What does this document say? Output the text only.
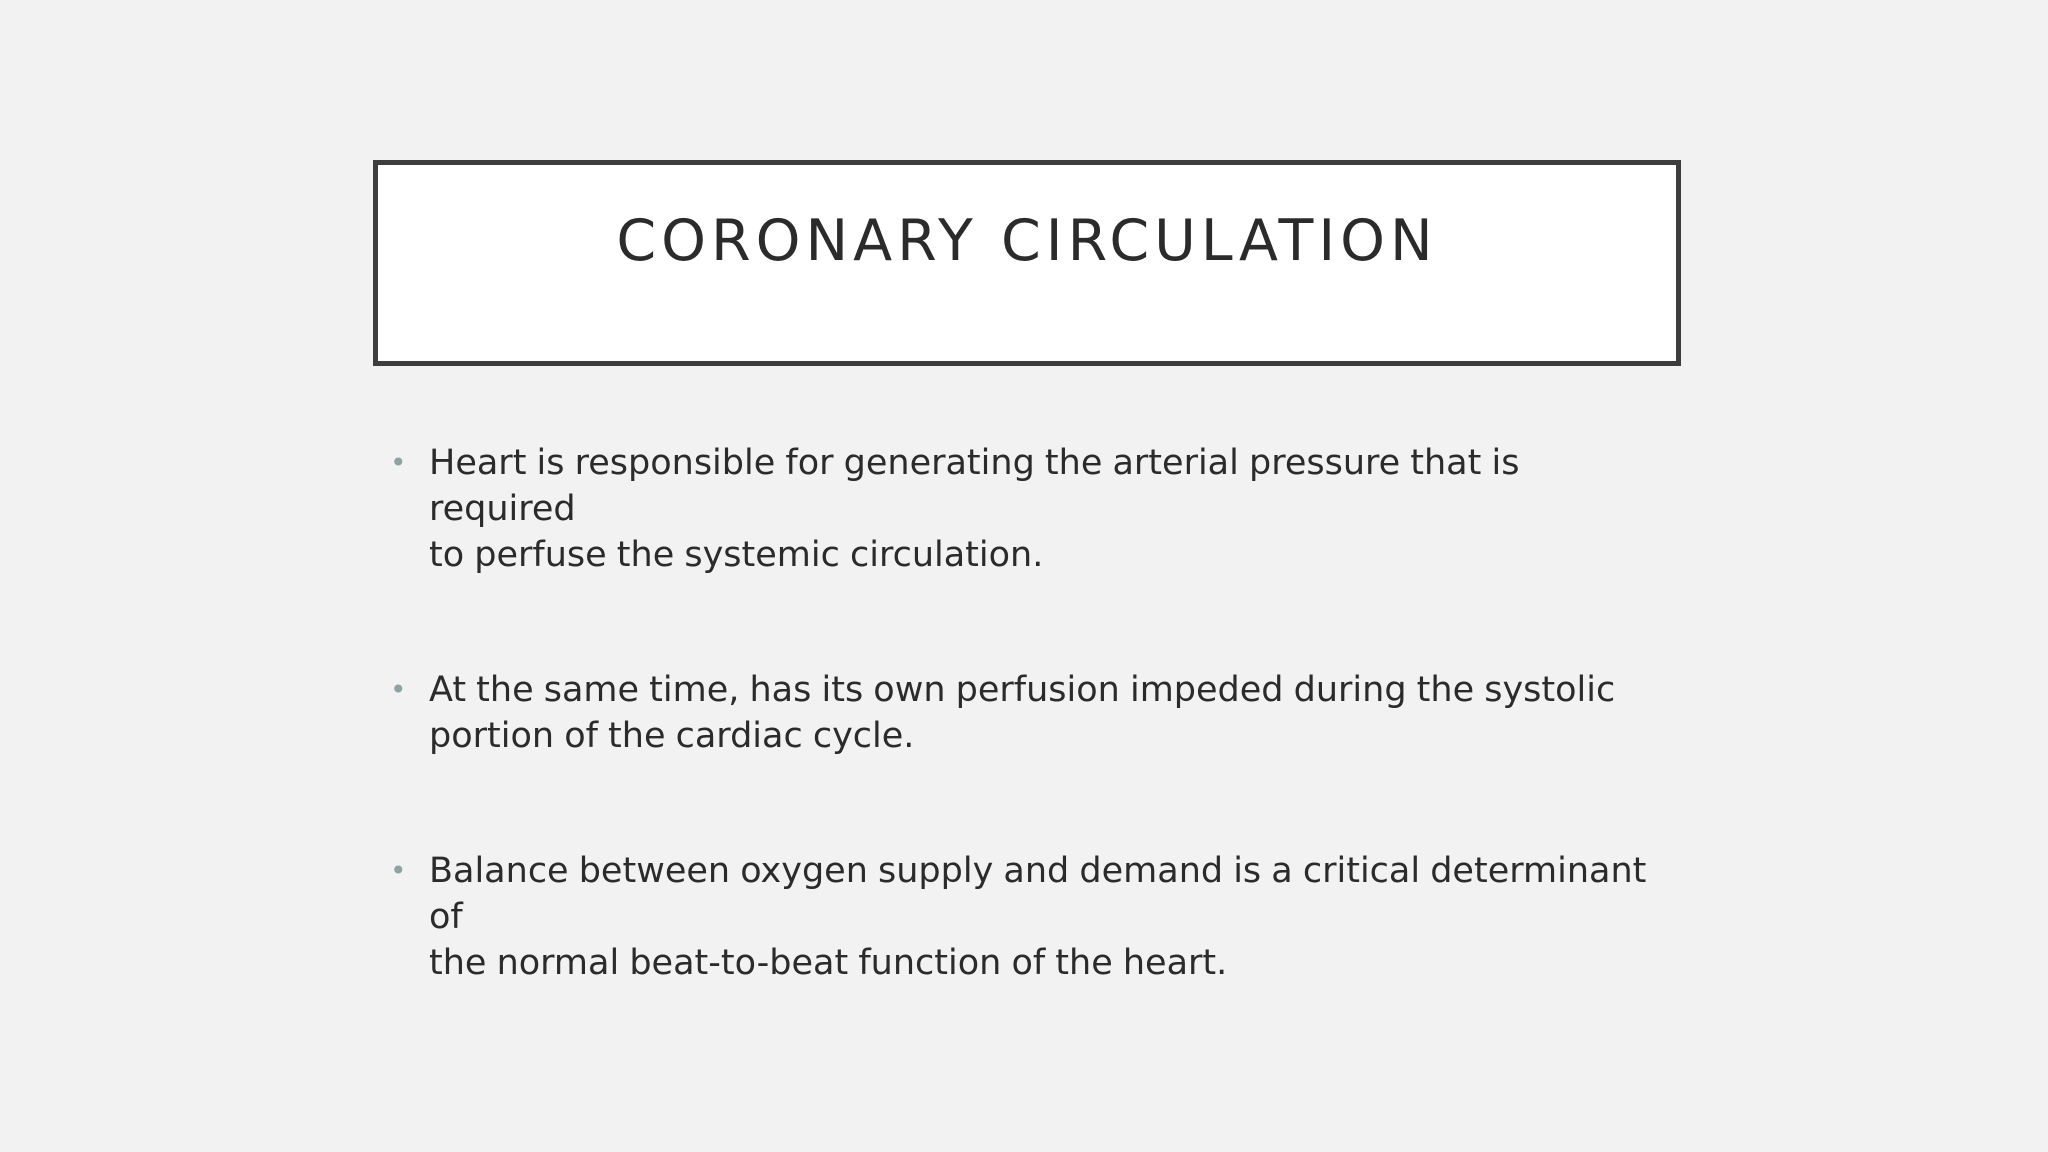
CORONARY CIRCULATION
• Heart is responsible for generating the arterial pressure that is required
to perfuse the systemic circulation.
• At the same time, has its own perfusion impeded during the systolic
portion of the cardiac cycle.
• Balance between oxygen supply and demand is a critical determinant of
the normal beat-to-beat function of the heart.
